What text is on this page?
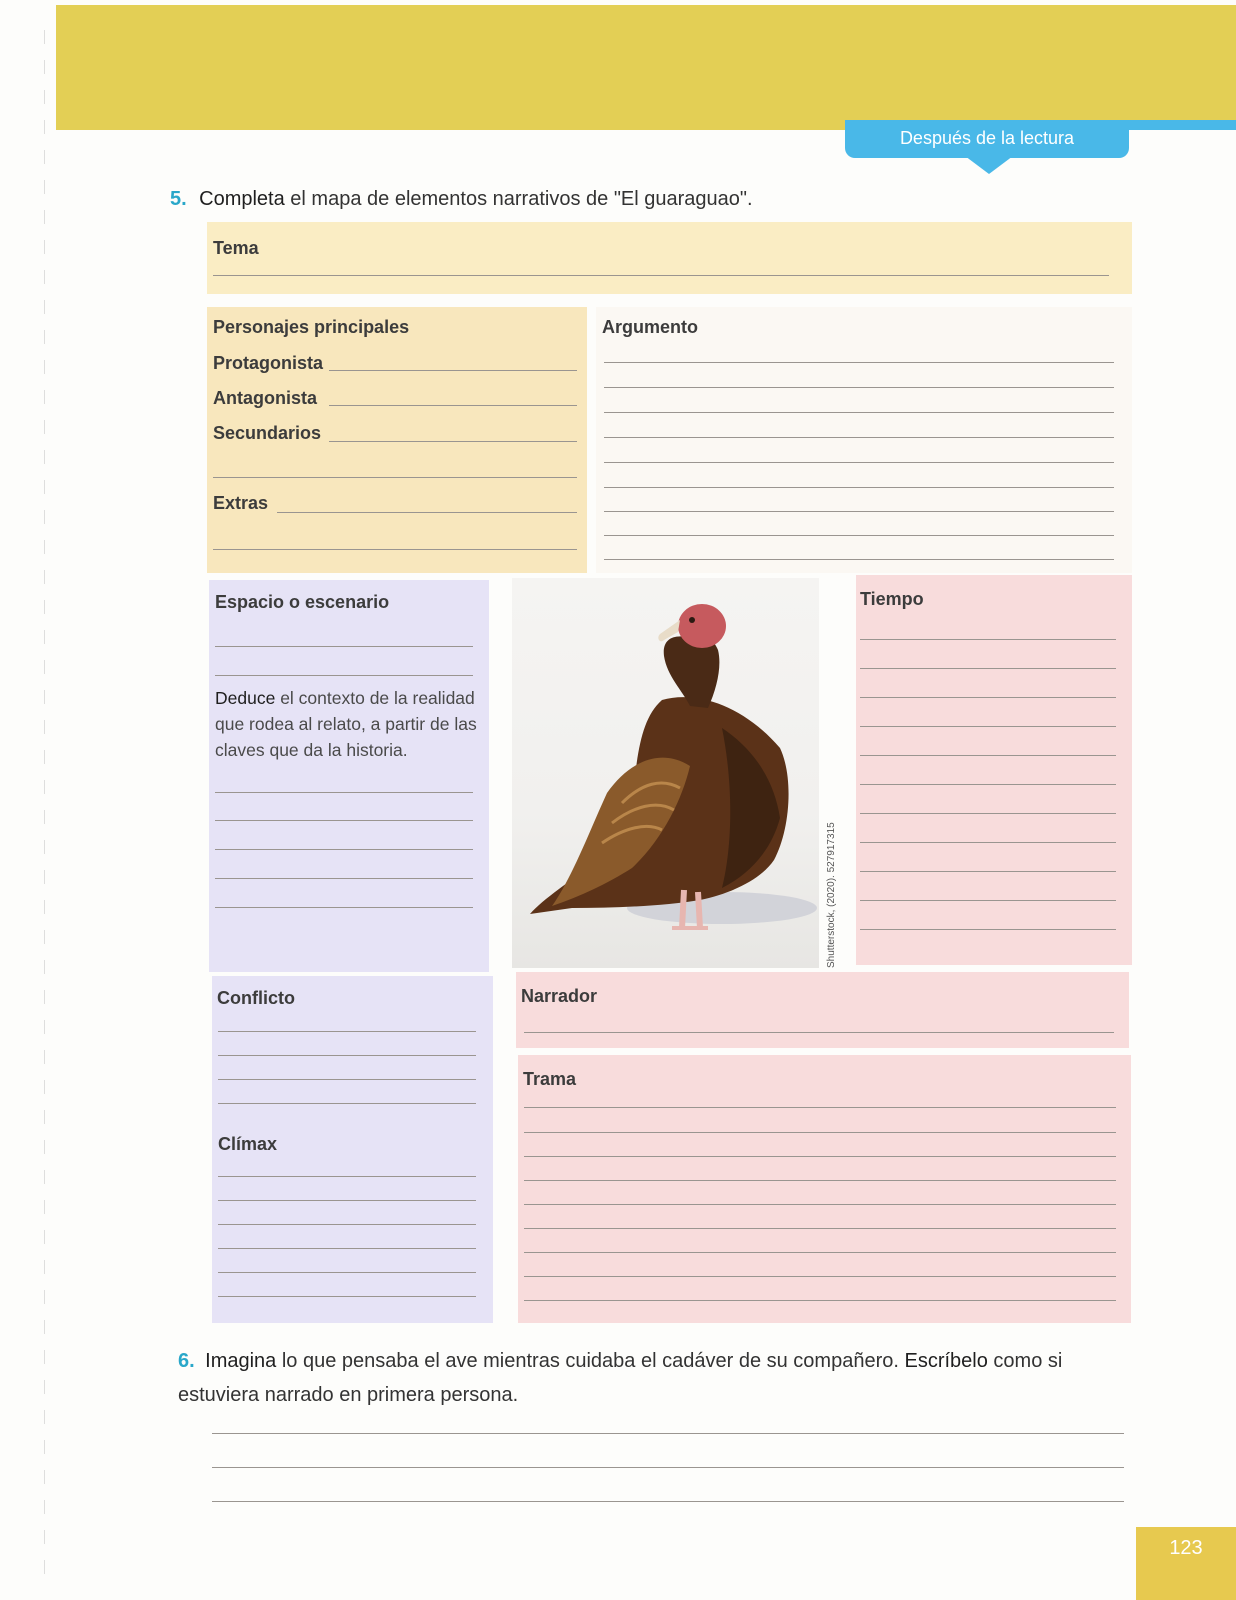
Después de la lectura
5. Completa el mapa de elementos narrativos de "El guaraguao".
Tema
Personajes principales
Protagonista
Antagonista
Secundarios
Extras
Argumento
Espacio o escenario
Deduce el contexto de la realidad que rodea al relato, a partir de las claves que da la historia.
Shutterstock, (2020). 527917315
Tiempo
Conflicto
Clímax
Narrador
Trama
6. Imagina lo que pensaba el ave mientras cuidaba el cadáver de su compañero. Escríbelo como si estuviera narrado en primera persona.
123
